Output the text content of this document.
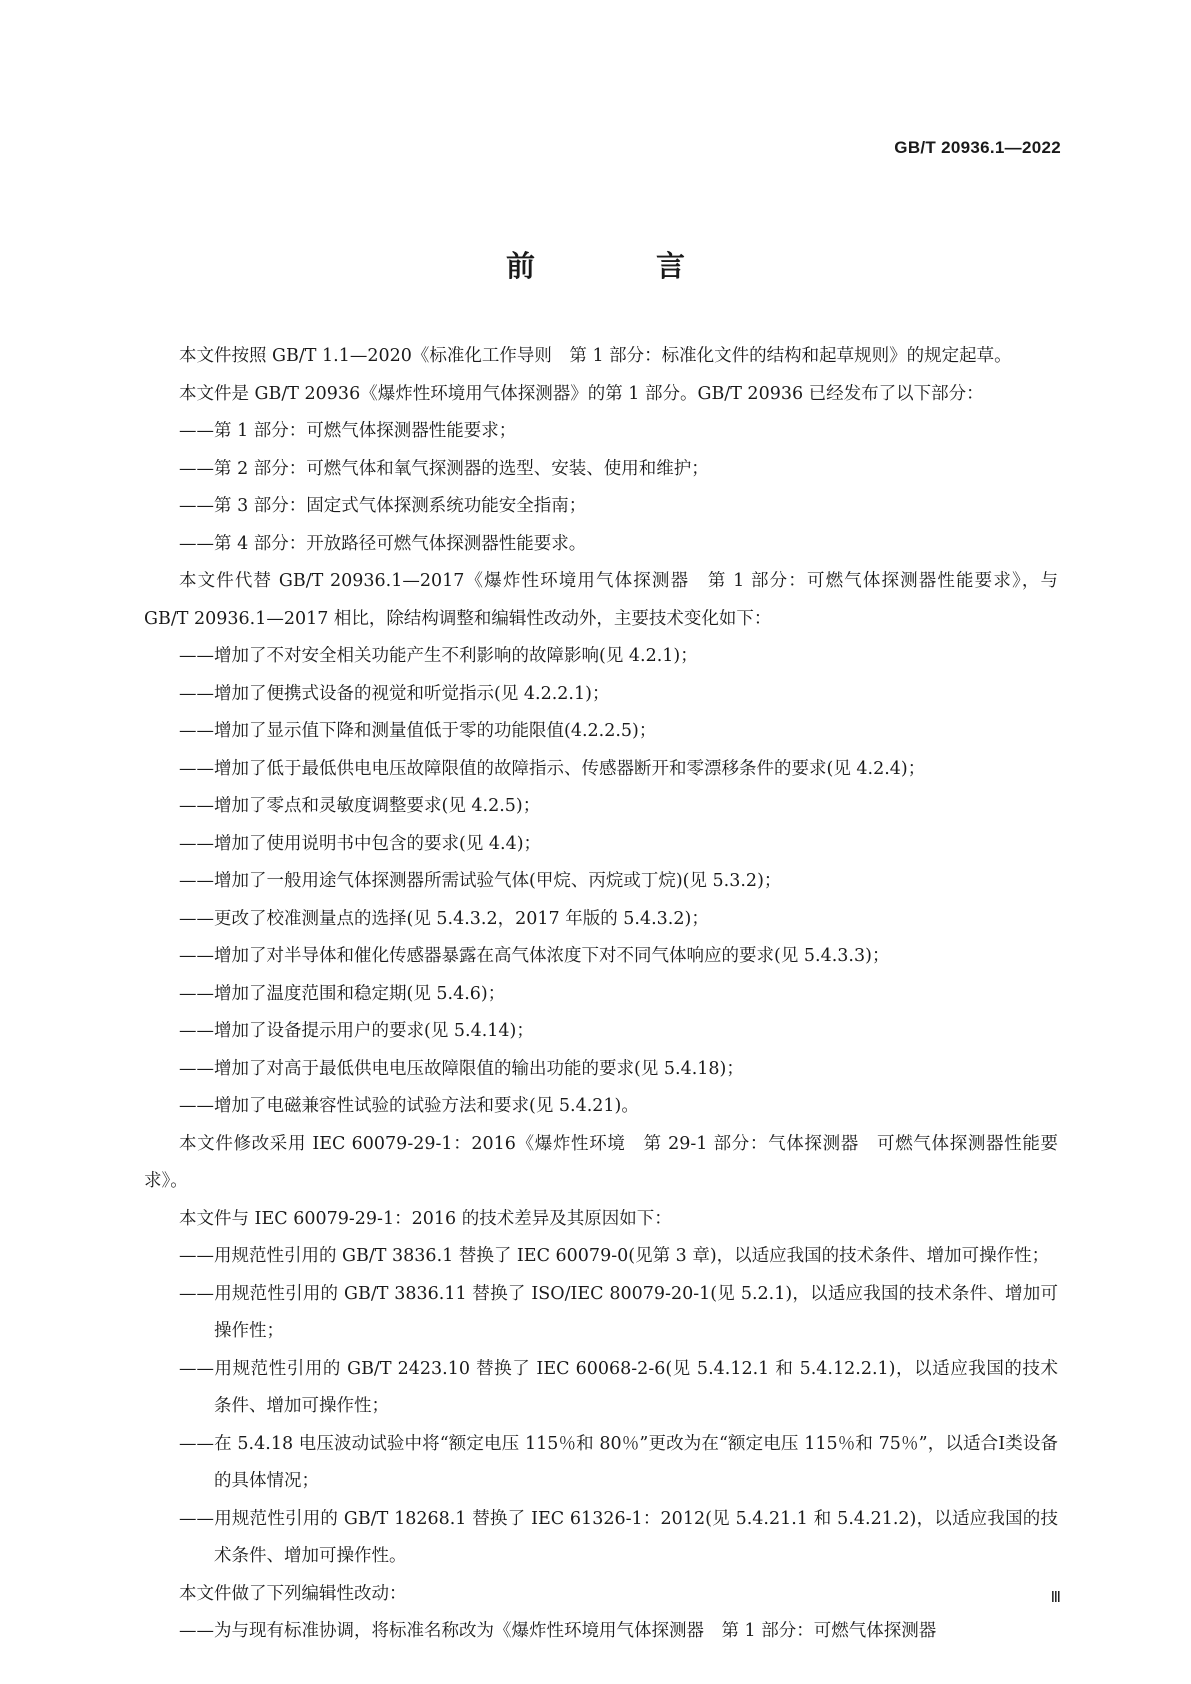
GB/T 20936.1—2022
前　言

本文件按照 GB/T 1.1—2020《标准化工作导则　第 1 部分：标准化文件的结构和起草规则》的规定起草。

本文件是 GB/T 20936《爆炸性环境用气体探测器》的第 1 部分。GB/T 20936 已经发布了以下部分：

——第 1 部分：可燃气体探测器性能要求；

——第 2 部分：可燃气体和氧气探测器的选型、安装、使用和维护；

——第 3 部分：固定式气体探测系统功能安全指南；

——第 4 部分：开放路径可燃气体探测器性能要求。

本文件代替 GB/T 20936.1—2017《爆炸性环境用气体探测器　第 1 部分：可燃气体探测器性能要求》，与 GB/T 20936.1—2017 相比，除结构调整和编辑性改动外，主要技术变化如下：

——增加了不对安全相关功能产生不利影响的故障影响(见 4.2.1)；

——增加了便携式设备的视觉和听觉指示(见 4.2.2.1)；

——增加了显示值下降和测量值低于零的功能限值(4.2.2.5)；

——增加了低于最低供电电压故障限值的故障指示、传感器断开和零漂移条件的要求(见 4.2.4)；

——增加了零点和灵敏度调整要求(见 4.2.5)；

——增加了使用说明书中包含的要求(见 4.4)；

——增加了一般用途气体探测器所需试验气体(甲烷、丙烷或丁烷)(见 5.3.2)；

——更改了校准测量点的选择(见 5.4.3.2，2017 年版的 5.4.3.2)；

——增加了对半导体和催化传感器暴露在高气体浓度下对不同气体响应的要求(见 5.4.3.3)；

——增加了温度范围和稳定期(见 5.4.6)；

——增加了设备提示用户的要求(见 5.4.14)；

——增加了对高于最低供电电压故障限值的输出功能的要求(见 5.4.18)；

——增加了电磁兼容性试验的试验方法和要求(见 5.4.21)。

本文件修改采用 IEC 60079-29-1：2016《爆炸性环境　第 29-1 部分：气体探测器　可燃气体探测器性能要求》。

本文件与 IEC 60079-29-1：2016 的技术差异及其原因如下：

——用规范性引用的 GB/T 3836.1 替换了 IEC 60079-0(见第 3 章)，以适应我国的技术条件、增加可操作性；

——用规范性引用的 GB/T 3836.11 替换了 ISO/IEC 80079-20-1(见 5.2.1)，以适应我国的技术条件、增加可操作性；

——用规范性引用的 GB/T 2423.10 替换了 IEC 60068-2-6(见 5.4.12.1 和 5.4.12.2.1)，以适应我国的技术条件、增加可操作性；

——在 5.4.18 电压波动试验中将“额定电压 115％和 80％”更改为在“额定电压 115％和 75％”，以适合Ⅰ类设备的具体情况；

——用规范性引用的 GB/T 18268.1 替换了 IEC 61326-1：2012(见 5.4.21.1 和 5.4.21.2)，以适应我国的技术条件、增加可操作性。

本文件做了下列编辑性改动：

——为与现有标准协调，将标准名称改为《爆炸性环境用气体探测器　第 1 部分：可燃气体探测器

Ⅲ
